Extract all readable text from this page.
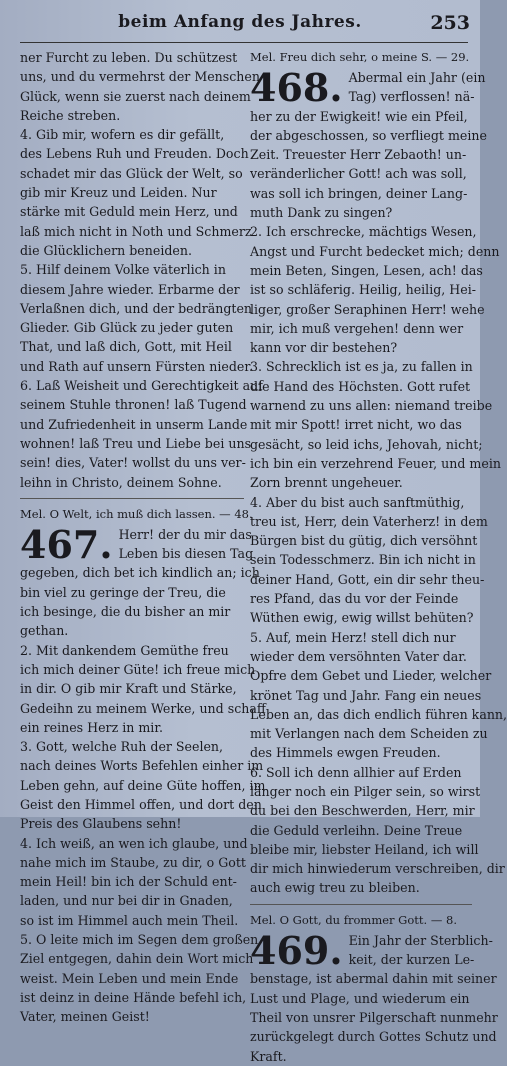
beim Anfang des Jahres.	253

ner Furcht zu leben. Du schützest
uns, und du vermehrst der Menschen
Glück, wenn sie zuerst nach deinem
Reiche streben.

4. Gib mir, wofern es dir gefällt,
des Lebens Ruh und Freuden. Doch
schadet mir das Glück der Welt, so
gib mir Kreuz und Leiden. Nur
stärke mit Geduld mein Herz, und
laß mich nicht in Noth und Schmerz
die Glücklichern beneiden.

5. Hilf deinem Volke väterlich in
diesem Jahre wieder. Erbarme der
Verlaßnen dich, und der bedrängten
Glieder. Gib Glück zu jeder guten
That, und laß dich, Gott, mit Heil
und Rath auf unsern Fürsten nieder.

6. Laß Weisheit und Gerechtigkeit auf
seinem Stuhle thronen! laß Tugend
und Zufriedenheit in unserm Lande
wohnen! laß Treu und Liebe bei uns
sein! dies, Vater! wollst du uns ver-
leihn in Christo, deinem Sohne.

Mel. O Welt, ich muß dich lassen. — 48.
467. Herr! der du mir das
Leben bis diesen Tag
gegeben, dich bet ich kindlich an; ich
bin viel zu geringe der Treu, die
ich besinge, die du bisher an mir
gethan.

2. Mit dankendem Gemüthe freu
ich mich deiner Güte! ich freue mich
in dir. O gib mir Kraft und Stärke,
Gedeihn zu meinem Werke, und schaff
ein reines Herz in mir.

3. Gott, welche Ruh der Seelen,
nach deines Worts Befehlen einher im
Leben gehn, auf deine Güte hoffen, im
Geist den Himmel offen, und dort den
Preis des Glaubens sehn!

4. Ich weiß, an wen ich glaube, und
nahe mich im Staube, zu dir, o Gott
mein Heil! bin ich der Schuld ent-
laden, und nur bei dir in Gnaden,
so ist im Himmel auch mein Theil.

5. O leite mich im Segen dem großen
Ziel entgegen, dahin dein Wort mich
weist. Mein Leben und mein Ende
ist deinz in deine Hände befehl ich,
Vater, meinen Geist!

Mel. Freu dich sehr, o meine S. — 29.
468. Abermal ein Jahr (ein
Tag) verflossen! nä-
her zu der Ewigkeit! wie ein Pfeil,
der abgeschossen, so verfliegt meine
Zeit. Treuester Herr Zebaoth! un-
veränderlicher Gott! ach was soll,
was soll ich bringen, deiner Lang-
muth Dank zu singen?

2. Ich erschrecke, mächtigs Wesen,
Angst und Furcht bedecket mich; denn
mein Beten, Singen, Lesen, ach! das
ist so schläferig. Heilig, heilig, Hei-
liger, großer Seraphinen Herr! wehe
mir, ich muß vergehen! denn wer
kann vor dir bestehen?

3. Schrecklich ist es ja, zu fallen in
die Hand des Höchsten. Gott rufet
warnend zu uns allen: niemand treibe
mit mir Spott! irret nicht, wo das
gesächt, so leid ichs, Jehovah, nicht;
ich bin ein verzehrend Feuer, und mein
Zorn brennt ungeheuer.

4. Aber du bist auch sanftmüthig,
treu ist, Herr, dein Vaterherz! in dem
Bürgen bist du gütig, dich versöhnt
sein Todesschmerz. Bin ich nicht in
deiner Hand, Gott, ein dir sehr theu-
res Pfand, das du vor der Feinde
Wüthen ewig, ewig willst behüten?

5. Auf, mein Herz! stell dich nur
wieder dem versöhnten Vater dar.
Opfre dem Gebet und Lieder, welcher
krönet Tag und Jahr. Fang ein neues
Leben an, das dich endlich führen kann,
mit Verlangen nach dem Scheiden zu
des Himmels ewgen Freuden.

6. Soll ich denn allhier auf Erden
länger noch ein Pilger sein, so wirst
du bei den Beschwerden, Herr, mir
die Geduld verleihn. Deine Treue
bleibe mir, liebster Heiland, ich will
dir mich hinwiederum verschreiben, dir
auch ewig treu zu bleiben.

Mel. O Gott, du frommer Gott. — 8.
469. Ein Jahr der Sterblich-
keit, der kurzen Le-
benstage, ist abermal dahin mit seiner
Lust und Plage, und wiederum ein
Theil von unsrer Pilgerschaft nunmehr
zurückgelegt durch Gottes Schutz und
Kraft.
